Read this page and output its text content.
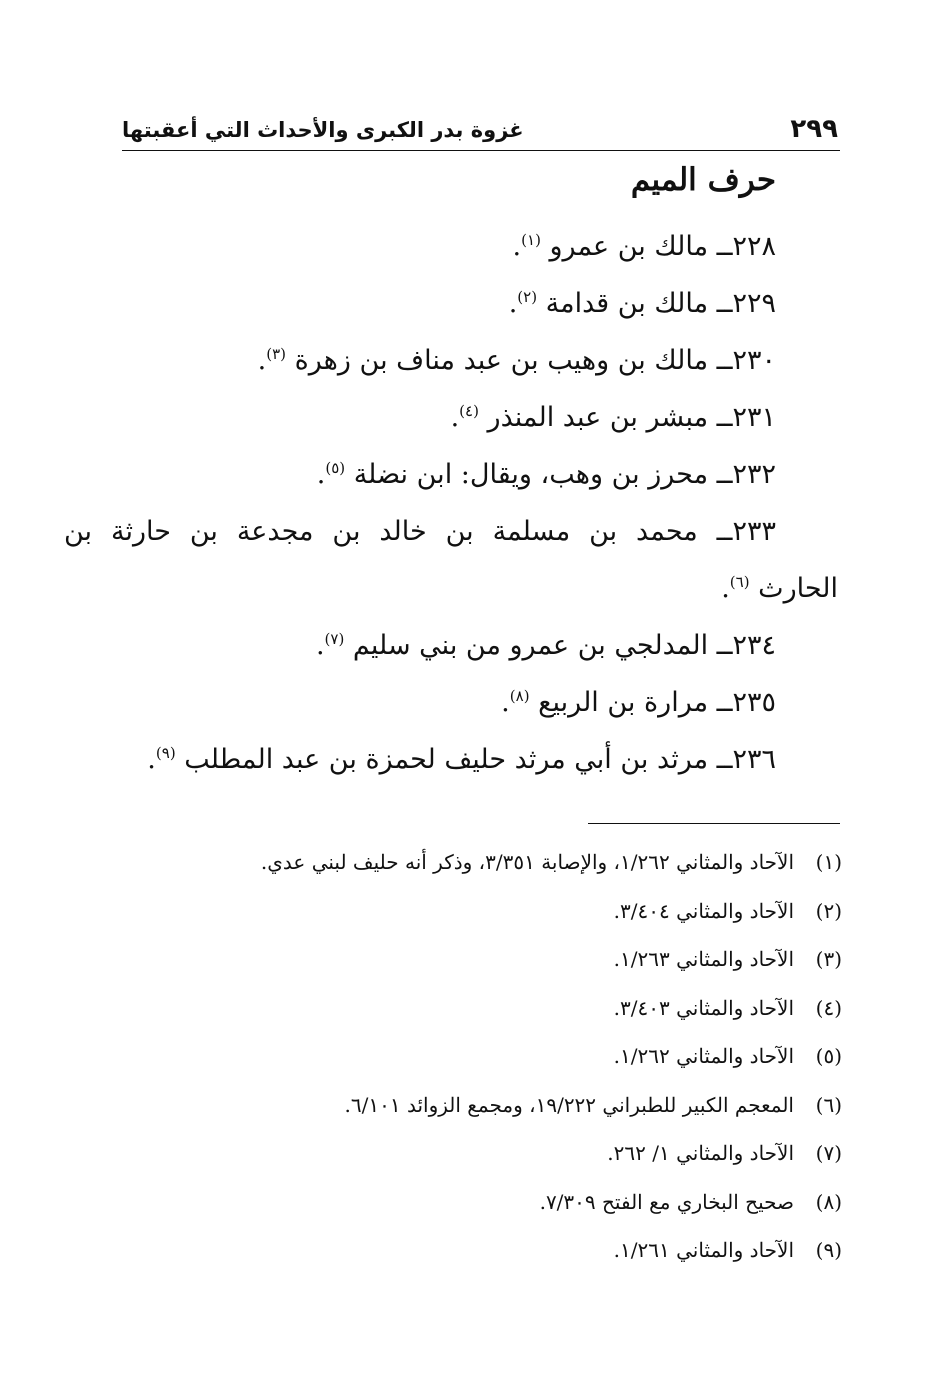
٢٩٩
غزوة بدر الكبرى والأحداث التي أعقبتها
حرف الميم
٢٢٨ــ مالك بن عمرو $^{(١)}$.
٢٢٩ــ مالك بن قدامة $^{(٢)}$.
٢٣٠ــ مالك بن وهيب بن عبد مناف بن زهرة $^{(٣)}$.
٢٣١ــ مبشر بن عبد المنذر $^{(٤)}$.
٢٣٢ــ محرز بن وهب، ويقال: ابن نضلة $^{(٥)}$.
٢٣٣ــ محمد بن مسلمة بن خالد بن مجدعة بن حارثة بن
الحارث $^{(٦)}$.
٢٣٤ــ المدلجي بن عمرو من بني سليم $^{(٧)}$.
٢٣٥ــ مرارة بن الربيع $^{(٨)}$.
٢٣٦ــ مرثد بن أبي مرثد حليف لحمزة بن عبد المطلب $^{(٩)}$.
(١)الآحاد والمثاني ١/٢٦٢، والإصابة ٣/٣٥١، وذكر أنه حليف لبني عدي.
(٢)الآحاد والمثاني ٣/٤٠٤.
(٣)الآحاد والمثاني ١/٢٦٣.
(٤)الآحاد والمثاني ٣/٤٠٣.
(٥)الآحاد والمثاني ١/٢٦٢.
(٦)المعجم الكبير للطبراني ١٩/٢٢٢، ومجمع الزوائد ٦/١٠١.
(٧)الآحاد والمثاني ١/ ٢٦٢.
(٨)صحيح البخاري مع الفتح ٧/٣٠٩.
(٩)الآحاد والمثاني ١/٢٦١.
